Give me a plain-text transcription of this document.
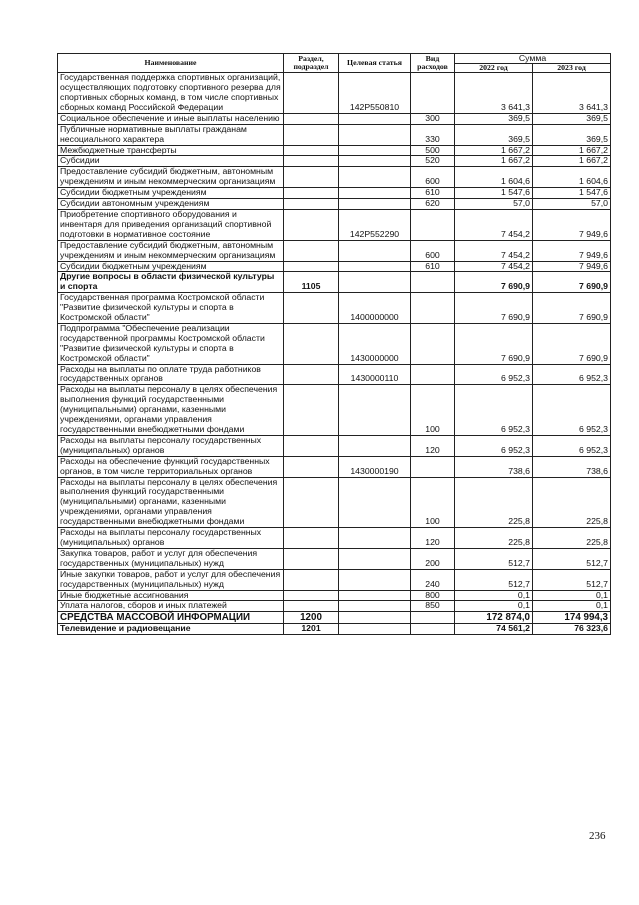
Наименование	Раздел, подраздел	Целевая статья	Вид расходов	Сумма	
				2022 год	2023 год
Государственная поддержка спортивных организаций, осуществляющих подготовку спортивного резерва для спортивных сборных команд, в том числе спортивных сборных команд Российской Федерации		142P550810		3 641,3	3 641,3
Социальное обеспечение и иные выплаты населению			300	369,5	369,5
Публичные нормативные выплаты гражданам несоциального характера			330	369,5	369,5
Межбюджетные трансферты			500	1 667,2	1 667,2
Субсидии			520	1 667,2	1 667,2
Предоставление субсидий бюджетным, автономным учреждениям и иным некоммерческим организациям			600	1 604,6	1 604,6
Субсидии бюджетным учреждениям			610	1 547,6	1 547,6
Субсидии автономным учреждениям			620	57,0	57,0
Приобретение спортивного оборудования и инвентаря для приведения организаций спортивной подготовки в нормативное состояние		142P552290		7 454,2	7 949,6
Предоставление субсидий бюджетным, автономным учреждениям и иным некоммерческим организациям			600	7 454,2	7 949,6
Субсидии бюджетным учреждениям			610	7 454,2	7 949,6
Другие вопросы в области физической культуры и спорта	1105			7 690,9	7 690,9
Государственная программа Костромской области "Развитие физической культуры и спорта в Костромской области"		1400000000		7 690,9	7 690,9
Подпрограмма "Обеспечение реализации государственной программы Костромской области "Развитие физической культуры и спорта в Костромской области"		1430000000		7 690,9	7 690,9
Расходы на выплаты по оплате труда работников государственных органов		1430000110		6 952,3	6 952,3
Расходы на выплаты персоналу в целях обеспечения выполнения функций государственными (муниципальными) органами, казенными учреждениями, органами управления государственными внебюджетными фондами			100	6 952,3	6 952,3
Расходы на выплаты персоналу государственных (муниципальных) органов			120	6 952,3	6 952,3
Расходы на обеспечение функций государственных органов, в том числе территориальных органов		1430000190		738,6	738,6
Расходы на выплаты персоналу в целях обеспечения выполнения функций государственными (муниципальными) органами, казенными учреждениями, органами управления государственными внебюджетными фондами			100	225,8	225,8
Расходы на выплаты персоналу государственных (муниципальных) органов			120	225,8	225,8
Закупка товаров, работ и услуг для обеспечения государственных (муниципальных) нужд			200	512,7	512,7
Иные закупки товаров, работ и услуг для обеспечения государственных (муниципальных) нужд			240	512,7	512,7
Иные бюджетные ассигнования			800	0,1	0,1
Уплата налогов, сборов и иных платежей			850	0,1	0,1
СРЕДСТВА МАССОВОЙ ИНФОРМАЦИИ	1200			172 874,0	174 994,3
Телевидение и радиовещание	1201			74 561,2	76 323,6
236
